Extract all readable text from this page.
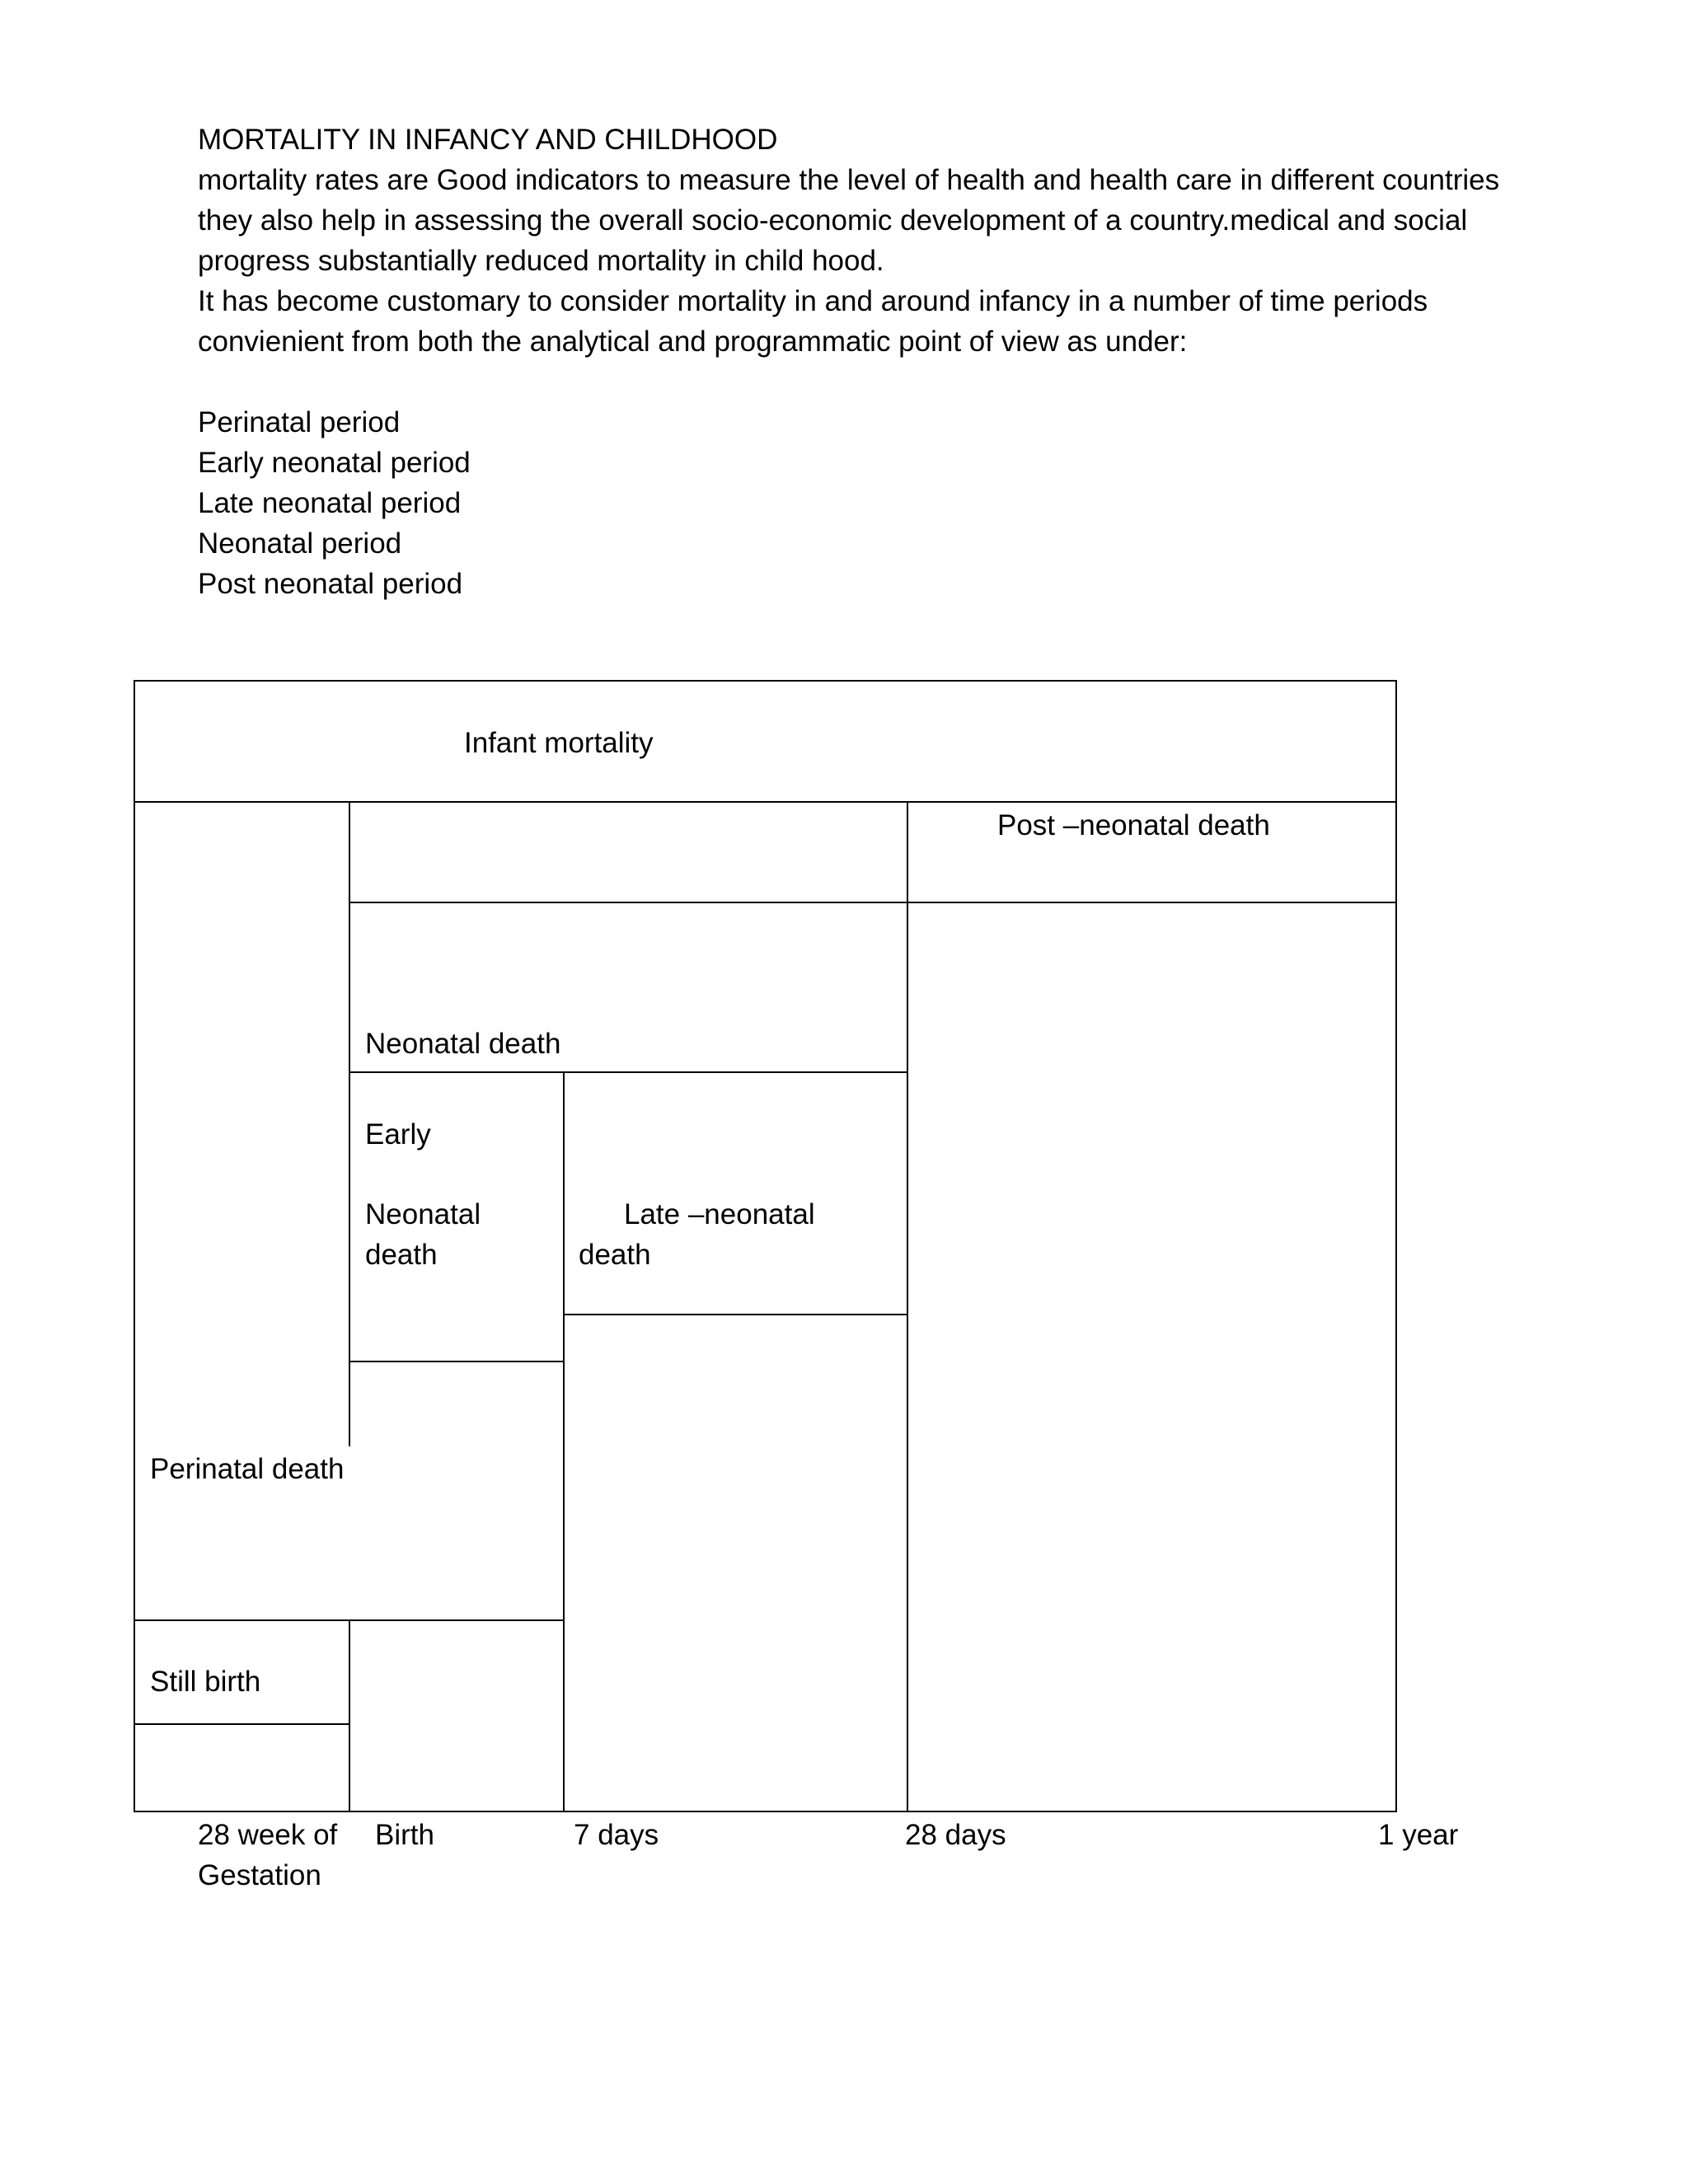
MORTALITY IN INFANCY AND CHILDHOOD

mortality rates are Good indicators to measure the level of health and health care in different countries they also help in assessing the overall socio-economic development of a country.medical and social progress substantially reduced mortality in child hood.

It has become customary to consider mortality in and around infancy in a number of time periods convienient from both the analytical and programmatic point of view as under:

Perinatal period
Early neonatal period
Late neonatal period
Neonatal period
Post neonatal period
Infant mortality
Post –neonatal death
Neonatal death
Early
Neonatal
death
Late –neonatal
death
Perinatal death
Still birth
28 week of
Gestation
Birth	7 days	28 days	1 year
